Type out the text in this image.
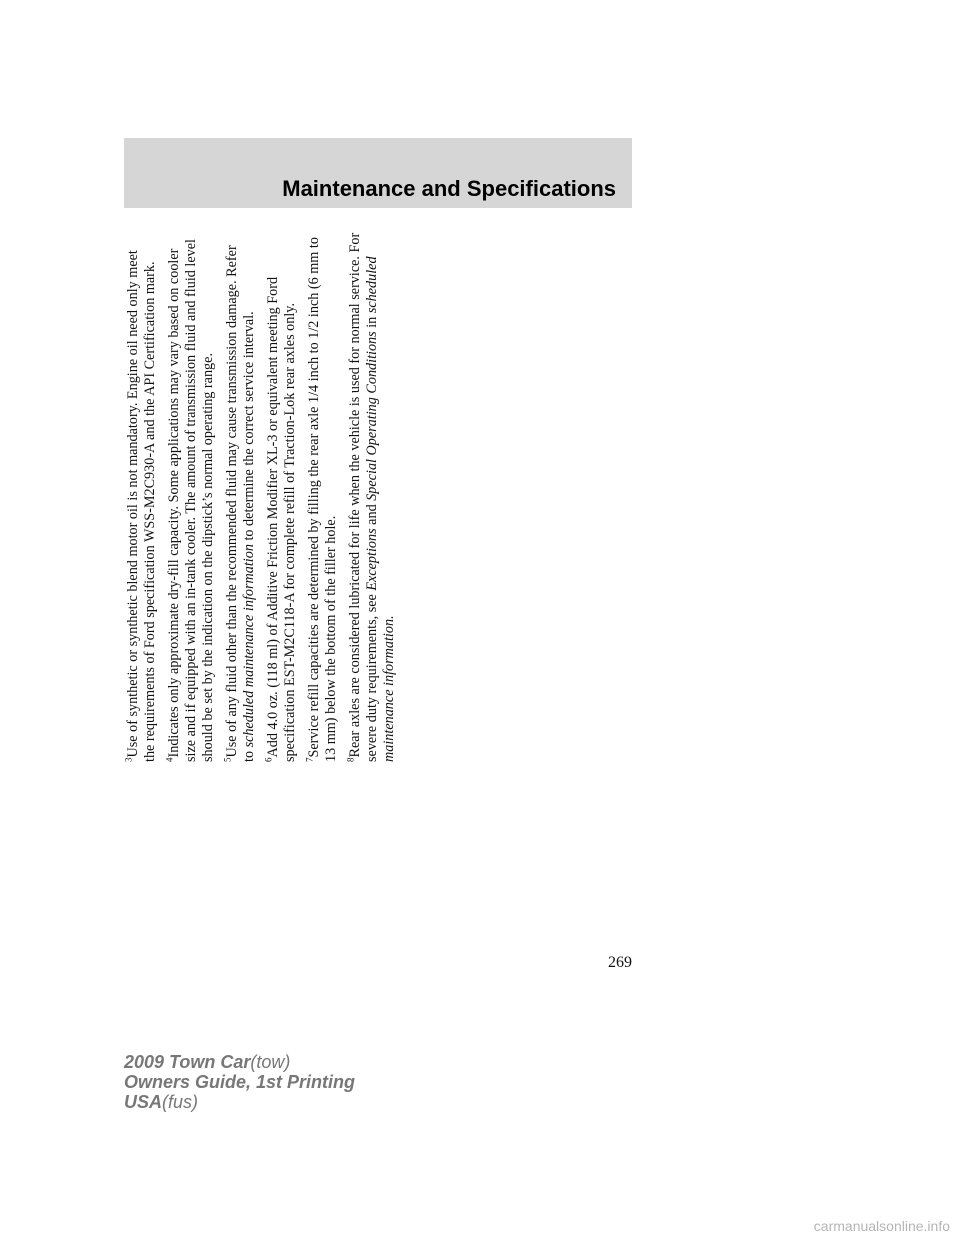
Maintenance and Specifications

$^3$Use of synthetic or synthetic blend motor oil is not mandatory. Engine oil need only meet the requirements of Ford specification WSS-M2C930-A and the API Certification mark. $^4$Indicates only approximate dry-fill capacity. Some applications may vary based on cooler size and if equipped with an in-tank cooler. The amount of transmission fluid and fluid level should be set by the indication on the dipstick’s normal operating range. $^5$Use of any fluid other than the recommended fluid may cause transmission damage. Refer to scheduled maintenance information to determine the correct service interval.

$^6$Add 4.0 oz. (118 ml) of Additive Friction Modifier XL-3 or equivalent meeting Ford specification EST-M2C118-A for complete refill of Traction-Lok rear axles only. $^7$Service refill capacities are determined by filling the rear axle 1/4 inch to 1/2 inch (6 mm to 13 mm) below the bottom of the filler hole. $^8$Rear axles are considered lubricated for life when the vehicle is used for normal service. For severe duty requirements, see Exceptions and Special Operating Conditions in scheduled maintenance information.

269
2009 Town Car(tow)
Owners Guide, 1st Printing
USA(fus)
carmanualsonline.info
